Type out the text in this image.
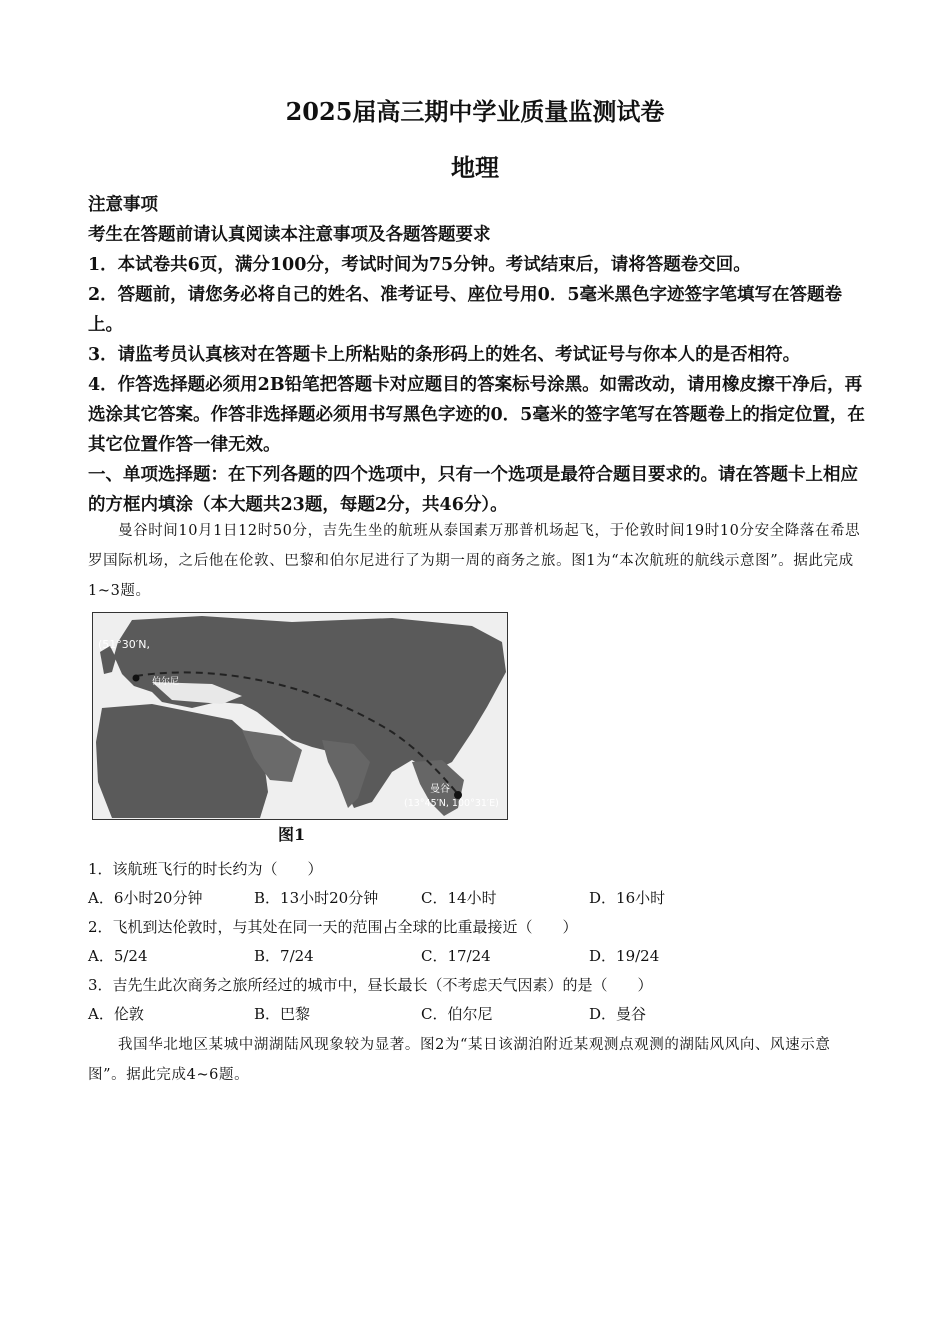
2025届高三期中学业质量监测试卷
地理
注意事项
考生在答题前请认真阅读本注意事项及各题答题要求
1．本试卷共6页，满分100分，考试时间为75分钟。考试结束后，请将答题卷交回。
2．答题前，请您务必将自己的姓名、准考证号、座位号用0．5毫米黑色字迹签字笔填写在答题卷上。
3．请监考员认真核对在答题卡上所粘贴的条形码上的姓名、考试证号与你本人的是否相符。
4．作答选择题必须用2B铅笔把答题卡对应题目的答案标号涂黑。如需改动，请用橡皮擦干净后，再选涂其它答案。作答非选择题必须用书写黑色字迹的0．5毫米的签字笔写在答题卷上的指定位置，在其它位置作答一律无效。
一、单项选择题：在下列各题的四个选项中，只有一个选项是最符合题目要求的。请在答题卡上相应的方框内填涂（本大题共23题，每题2分，共46分）。
曼谷时间10月1日12时50分，吉先生坐的航班从泰国素万那普机场起飞，于伦敦时间19时10分安全降落在希思罗国际机场，之后他在伦敦、巴黎和伯尔尼进行了为期一周的商务之旅。图1为“本次航班的航线示意图”。据此完成1~3题。
(51°30′N,
伯尔尼
曼谷
(13°45′N, 100°31′E)
图1
1．该航班飞行的时长约为（　　）
A．6小时20分钟	B．13小时20分钟	C．14小时	D．16小时
2．飞机到达伦敦时，与其处在同一天的范围占全球的比重最接近（　　）
A．5/24	B．7/24	C．17/24	D．19/24
3．吉先生此次商务之旅所经过的城市中，昼长最长（不考虑天气因素）的是（　　）
A．伦敦	B．巴黎	C．伯尔尼	D．曼谷
我国华北地区某城中湖湖陆风现象较为显著。图2为“某日该湖泊附近某观测点观测的湖陆风风向、风速示意图”。据此完成4~6题。
